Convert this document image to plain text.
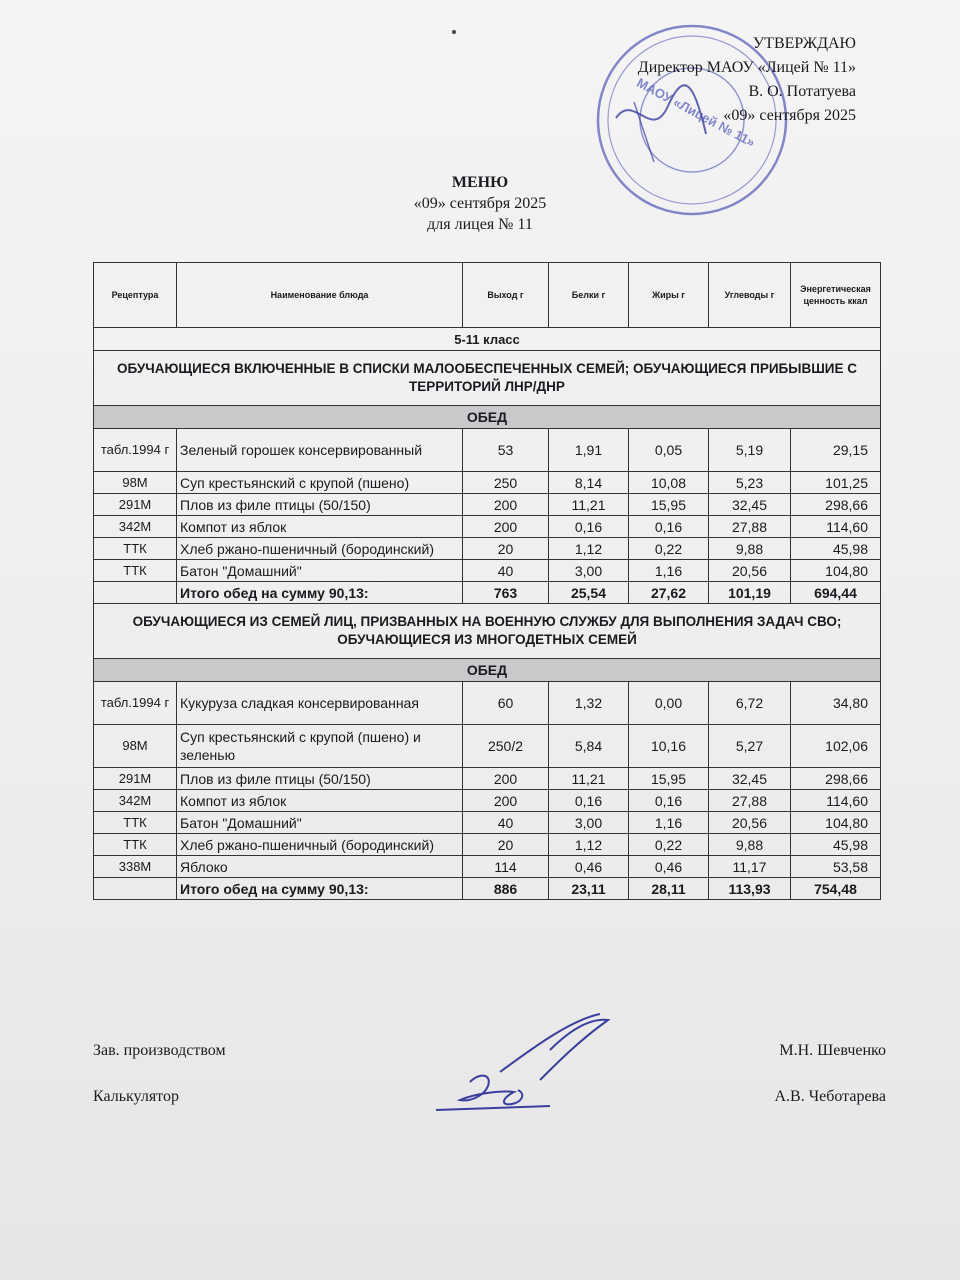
МАОУ «Лицей № 11»
УТВЕРЖДАЮ
Директор МАОУ «Лицей № 11»
В. О. Потатуева
«09» сентября 2025
МЕНЮ
«09» сентября 2025
для лицея № 11
Рецептура	Наименование блюда	Выход г	Белки г	Жиры г	Углеводы г	Энергетическая ценность ккал
5-11 класс						
ОБУЧАЮЩИЕСЯ ВКЛЮЧЕННЫЕ В СПИСКИ МАЛООБЕСПЕЧЕННЫХ СЕМЕЙ; ОБУЧАЮЩИЕСЯ ПРИБЫВШИЕ С ТЕРРИТОРИЙ ЛНР/ДНР						
ОБЕД						
табл.1994 г	Зеленый горошек консервированный	53	1,91	0,05	5,19	29,15
98М	Суп крестьянский с крупой (пшено)	250	8,14	10,08	5,23	101,25
291М	Плов из филе птицы (50/150)	200	11,21	15,95	32,45	298,66
342М	Компот из яблок	200	0,16	0,16	27,88	114,60
ТТК	Хлеб ржано-пшеничный (бородинский)	20	1,12	0,22	9,88	45,98
ТТК	Батон "Домашний"	40	3,00	1,16	20,56	104,80
	Итого обед на сумму 90,13:	763	25,54	27,62	101,19	694,44
ОБУЧАЮЩИЕСЯ ИЗ СЕМЕЙ ЛИЦ, ПРИЗВАННЫХ НА ВОЕННУЮ СЛУЖБУ ДЛЯ ВЫПОЛНЕНИЯ ЗАДАЧ СВО; ОБУЧАЮЩИЕСЯ ИЗ МНОГОДЕТНЫХ СЕМЕЙ						
ОБЕД						
табл.1994 г	Кукуруза сладкая консервированная	60	1,32	0,00	6,72	34,80
98М	Суп крестьянский с крупой (пшено) и зеленью	250/2	5,84	10,16	5,27	102,06
291М	Плов из филе птицы (50/150)	200	11,21	15,95	32,45	298,66
342М	Компот из яблок	200	0,16	0,16	27,88	114,60
ТТК	Батон "Домашний"	40	3,00	1,16	20,56	104,80
ТТК	Хлеб ржано-пшеничный (бородинский)	20	1,12	0,22	9,88	45,98
338М	Яблоко	114	0,46	0,46	11,17	53,58
	Итого обед на сумму 90,13:	886	23,11	28,11	113,93	754,48
Зав. производством	М.Н. Шевченко
Калькулятор	А.В. Чеботарева
